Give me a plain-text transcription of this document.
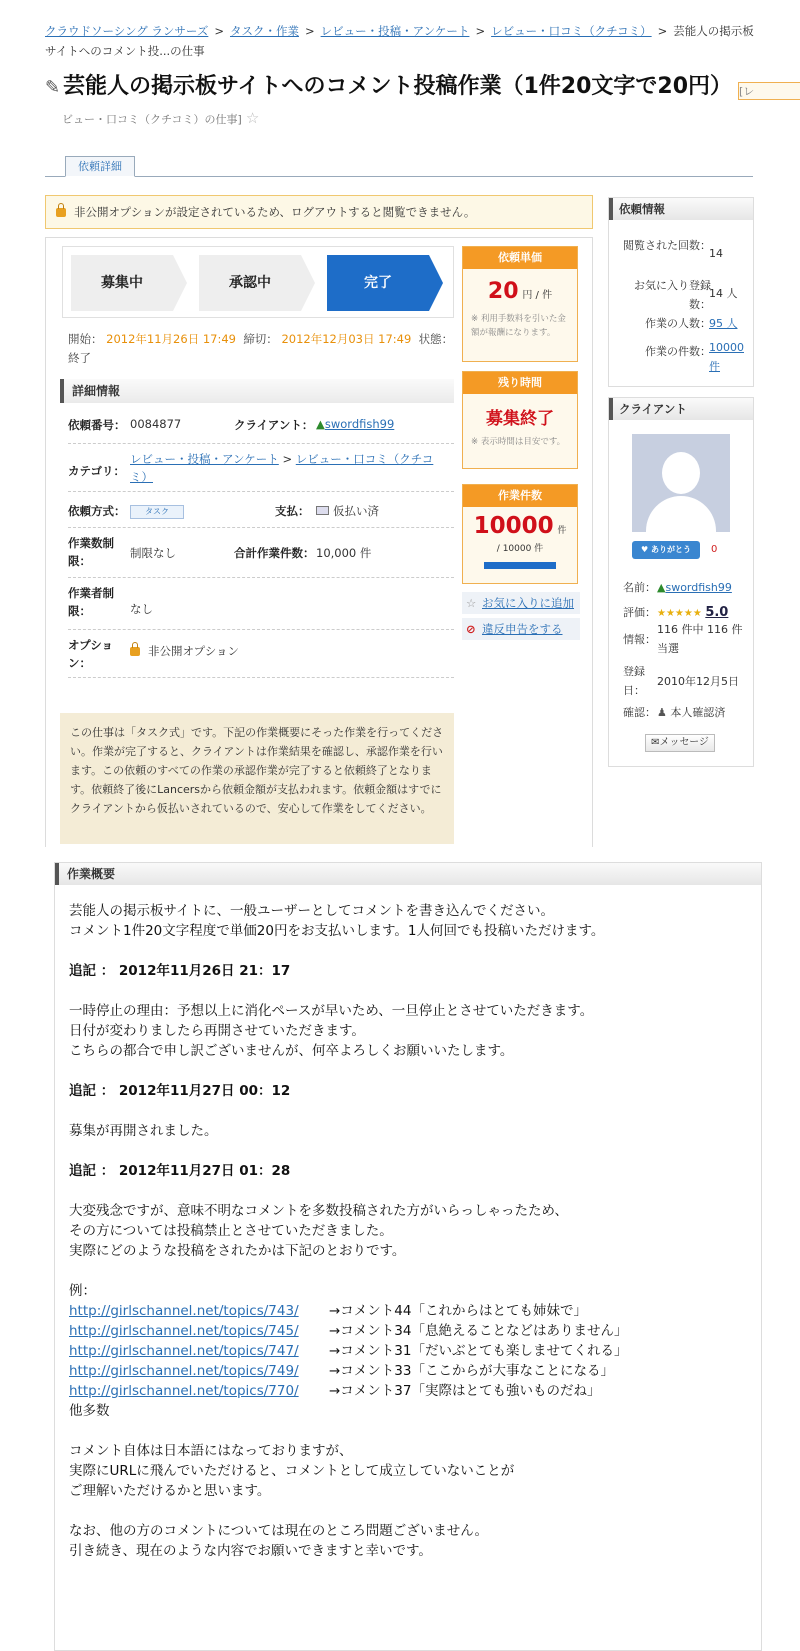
クラウドソーシング ランサーズ > タスク・作業 > レビュー・投稿・アンケート > レビュー・口コミ（クチコミ） > 芸能人の掲示板サイトへのコメント投...の仕事
✎ 芸能人の掲示板サイトへのコメント投稿作業（1件20文字で20円） [レ
ビュー・口コミ（クチコミ）の仕事] ☆
依頼詳細
非公開オプションが設定されているため、ログアウトすると閲覧できません。
募集中	承認中	完了
開始： 2012年11月26日 17:49 締切： 2012年12月03日 17:49 状態： 終了
詳細情報
依頼番号： 0084877	クライアント： ▲swordfish99
カテゴリ：
レビュー・投稿・アンケート > レビュー・口コミ（クチコミ）
依頼方式：	タスク	支払：	仮払い済
作業数制限：
制限なし	合計作業件数： 10,000 件
作業者制限：	なし
オプション：
非公開オプション
この仕事は「タスク式」です。下記の作業概要にそった作業を行ってください。作業が完了すると、クライアントは作業結果を確認し、承認作業を行います。この依頼のすべての作業の承認作業が完了すると依頼終了となります。依頼終了後にLancersから依頼金額が支払われます。依頼金額はすでにクライアントから仮払いされているので、安心して作業をしてください。
依頼単価
20 円 / 件
※ 利用手数料を引いた金額が報酬になります。
残り時間
募集終了
※ 表示時間は目安です。
作業件数
10000 件
/ 10000 件
☆ お気に入りに追加
⊘ 違反申告をする
依頼情報
閲覧された回数：
14
お気に入り登録数：
14 人
作業の人数：
95 人
作業の件数：
10000 件
クライアント
♥ ありがとう	0
名前： ▲swordfish99
評価： ★★★★★ 5.0
情報：
116 件中 116 件当選
登録日：
2010年12月5日
確認： ♟ 本人確認済
✉メッセージ
作業概要

芸能人の掲示板サイトに、一般ユーザーとしてコメントを書き込んでください。

コメント1件20文字程度で単価20円をお支払いします。1人何回でも投稿いただけます。

追記 ： 2012年11月26日 21：17

一時停止の理由：予想以上に消化ペースが早いため、一旦停止とさせていただきます。

日付が変わりましたら再開させていただきます。

こちらの都合で申し訳ございませんが、何卒よろしくお願いいたします。

追記 ： 2012年11月27日 00：12

募集が再開されました。

追記 ： 2012年11月27日 01：28

大変残念ですが、意味不明なコメントを多数投稿された方がいらっしゃったため、

その方については投稿禁止とさせていただきました。

実際にどのような投稿をされたかは下記のとおりです。

例：

http://girlschannel.net/topics/743/ →コメント44「これからはとても姉妹で」

http://girlschannel.net/topics/745/ →コメント34「息絶えることなどはありません」

http://girlschannel.net/topics/747/ →コメント31「だいぶとても楽しませてくれる」

http://girlschannel.net/topics/749/ →コメント33「ここからが大事なことになる」

http://girlschannel.net/topics/770/ →コメント37「実際はとても強いものだね」

他多数

コメント自体は日本語にはなっておりますが、

実際にURLに飛んでいただけると、コメントとして成立していないことが

ご理解いただけるかと思います。

なお、他の方のコメントについては現在のところ問題ございません。

引き続き、現在のような内容でお願いできますと幸いです。
